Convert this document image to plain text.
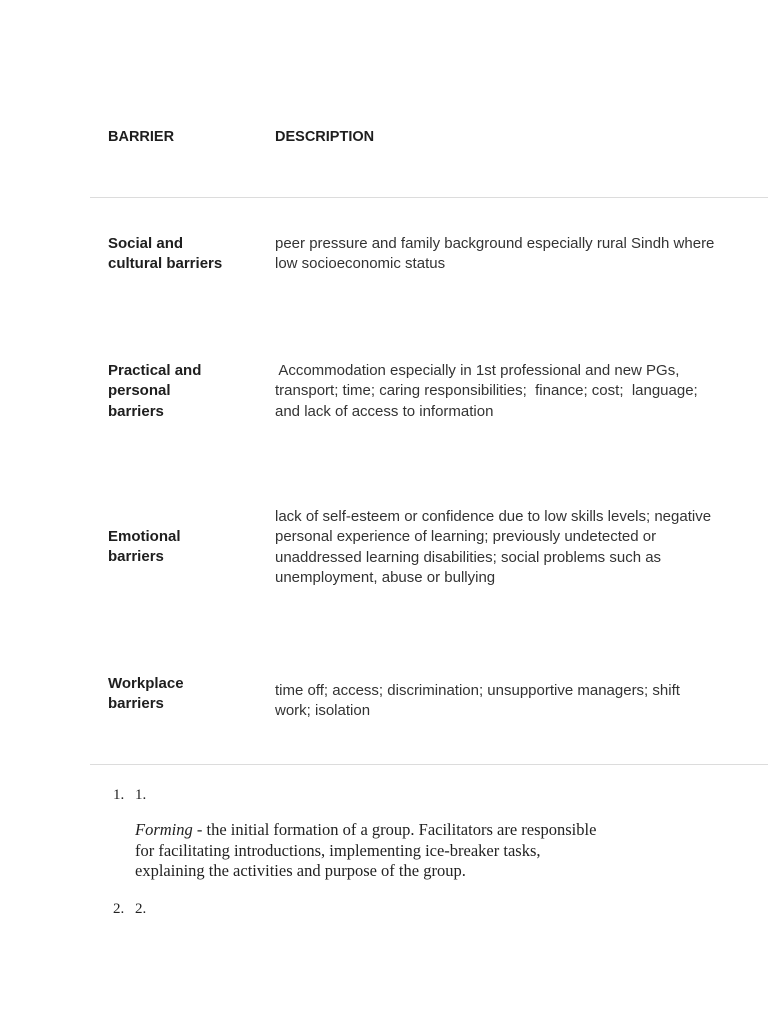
BARRIER	DESCRIPTION
Social and
cultural barriers
peer pressure and family background especially rural Sindh where
low socioeconomic status
Practical and
personal
barriers
Accommodation especially in 1st professional and new PGs,
transport; time; caring responsibilities;  finance; cost;  language;
and lack of access to information
Emotional
barriers
lack of self-esteem or confidence due to low skills levels; negative
personal experience of learning; previously undetected or
unaddressed learning disabilities; social problems such as
unemployment, abuse or bullying
Workplace
barriers
time off; access; discrimination; unsupportive managers; shift
work; isolation
1. 1.
Forming - the initial formation of a group. Facilitators are responsible
for facilitating introductions, implementing ice-breaker tasks,
explaining the activities and purpose of the group.
2. 2.
